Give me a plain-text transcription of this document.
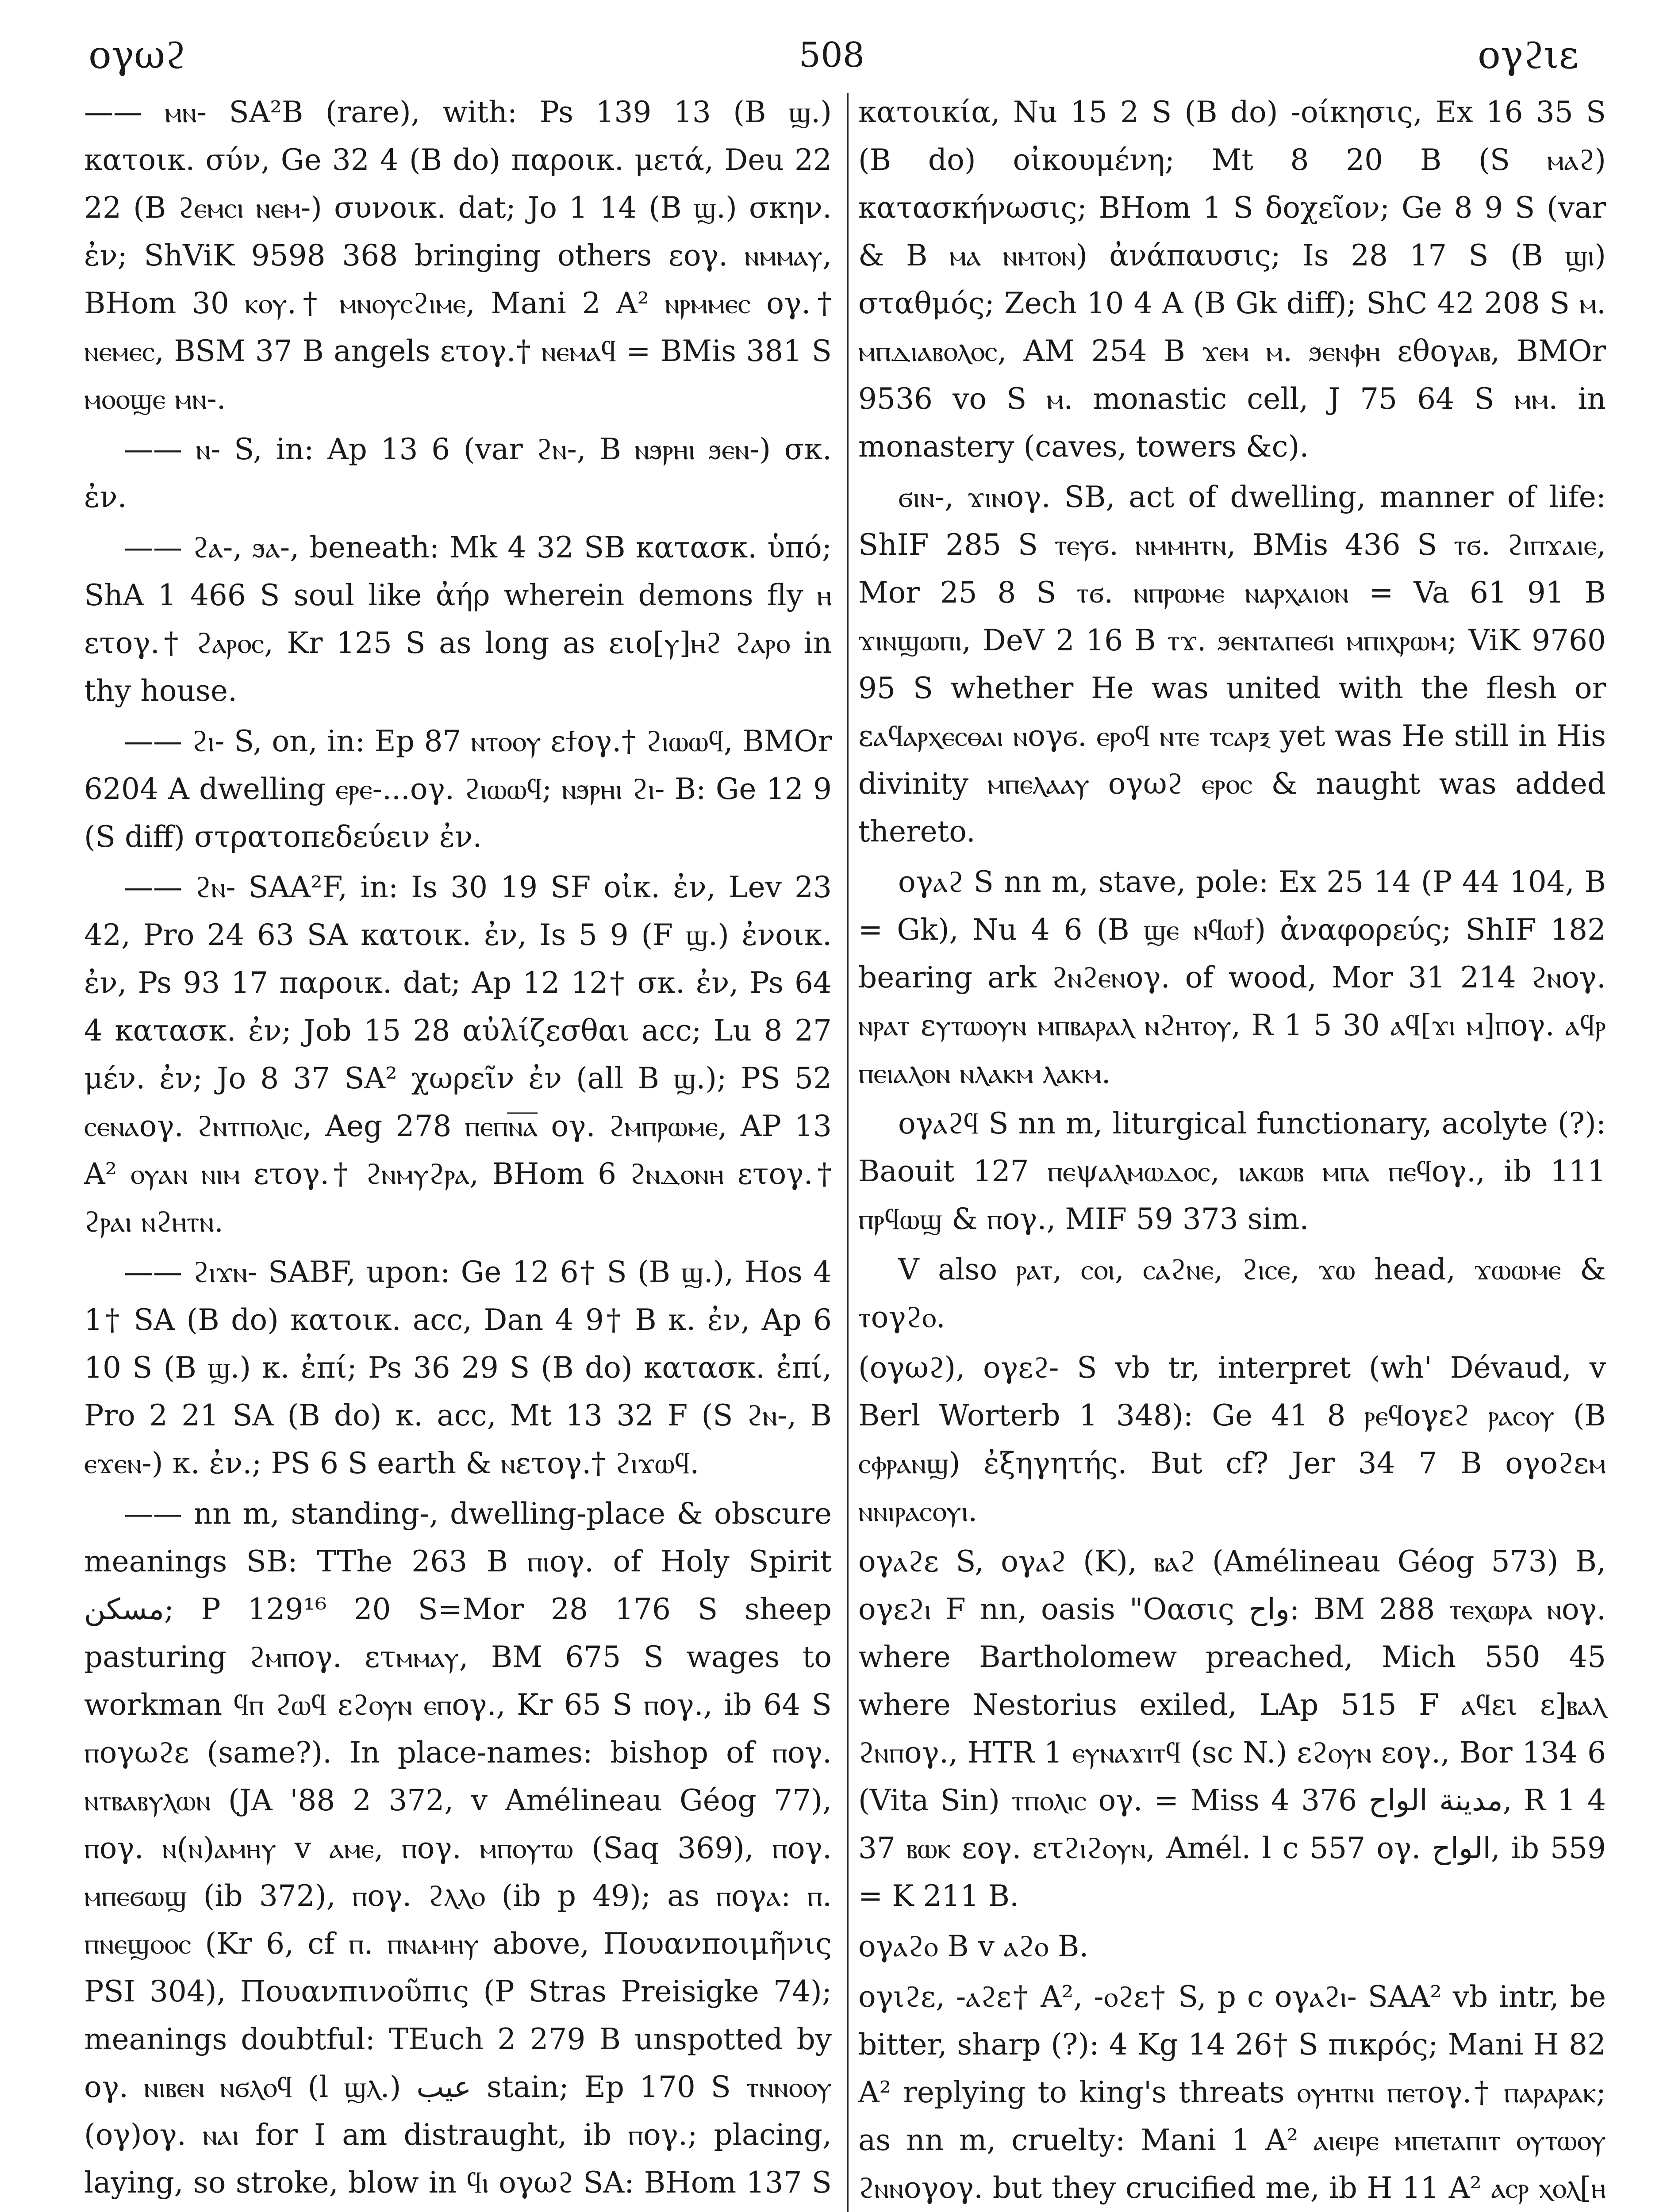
ογωϩ	508	ογϩιε

—— ⲙⲛ- SA²B (rare), with: Ps 139 13 (B ϣ.) κατοικ. σύν, Ge 32 4 (B do) παροικ. μετά, Deu 22 22 (B ϩⲉⲙⲥⲓ ⲛⲉⲙ-) συνοικ. dat; Jo 1 14 (B ϣ.) σκην. ἐν; ShViK 9598 368 bringing others εογ. ⲛⲙⲙⲁⲩ, BHom 30 ⲕⲟⲩ.† ⲙⲛⲟⲩⲥϩⲓⲙⲉ, Mani 2 A² ⲛⲣⲙⲙⲉⲥ ογ.† ⲛⲉⲙⲉⲥ, BSM 37 B angels ετογ.† ⲛⲉⲙⲁϥ = BMis 381 S ⲙⲟⲟϣⲉ ⲙⲛ-.

—— ⲛ- S, in: Ap 13 6 (var ϩⲛ-, B ⲛϧⲣⲏⲓ ϧⲉⲛ-) σκ. ἐν.

—— ϩⲁ-, ϧⲁ-, beneath: Mk 4 32 SB κατασκ. ὑπό; ShA 1 466 S soul like ἀήρ wherein demons fly ⲏ ετογ.† ϩⲁⲣⲟⲥ, Kr 125 S as long as ειο[ⲩ]ⲏϩ ϩⲁⲣⲟ in thy house.

—— ϩⲓ- S, on, in: Ep 87 ⲛⲧⲟⲟⲩ εϯογ.† ϩⲓⲱⲱϥ, BMOr 6204 A dwelling ⲉⲣⲉ-...ογ. ϩⲓⲱⲱϥ; ⲛϧⲣⲏⲓ ϩⲓ- B: Ge 12 9 (S diff) στρατοπεδεύειν ἐν.

—— ϩⲛ- SAA²F, in: Is 30 19 SF οἰκ. ἐν, Lev 23 42, Pro 24 63 SA κατοικ. ἐν, Is 5 9 (F ϣ.) ἐνοικ. ἐν, Ps 93 17 παροικ. dat; Ap 12 12† σκ. ἐν, Ps 64 4 κατασκ. ἐν; Job 15 28 αὐλίζεσθαι acc; Lu 8 27 μέν. ἐν; Jo 8 37 SA² χωρεῖν ἐν (all B ϣ.); PS 52 ⲥⲉⲛⲁογ. ϩⲛⲧⲡⲟⲗⲓⲥ, Aeg 278 ⲡⲉⲡⲛ̅ⲁ̅ ογ. ϩⲙⲡⲣⲱⲙⲉ, AP 13 A² ⲟⲩⲁⲛ ⲛⲓⲙ ετογ.† ϩⲛⲙⲩϩⲣⲁ, BHom 6 ϩⲛⲇⲟⲛⲏ ετογ.† ϩⲣⲁⲓ ⲛϩⲏⲧⲛ.

—— ϩⲓϫⲛ- SABF, upon: Ge 12 6† S (B ϣ.), Hos 4 1† SA (B do) κατοικ. acc, Dan 4 9† B κ. ἐν, Ap 6 10 S (B ϣ.) κ. ἐπί; Ps 36 29 S (B do) κατασκ. ἐπί, Pro 2 21 SA (B do) κ. acc, Mt 13 32 F (S ϩⲛ-, B ⲉϫⲉⲛ-) κ. ἐν.; PS 6 S earth & ⲛετογ.† ϩⲓϫⲱϥ.

—— nn m, standing-, dwelling-place & obscure meanings SB: TThe 263 B ⲡⲓογ. of Holy Spirit مسكن; P 129¹⁶ 20 S=Mor 28 176 S sheep pasturing ϩⲙⲡογ. ετⲙⲙⲁⲩ, BM 675 S wages to workman ϥⲡ ϩⲱϥ εϩⲟⲩⲛ ⲉⲡογ., Kr 65 S ⲡογ., ib 64 S ⲡογωϩε (same?). In place-names: bishop of ⲡογ. ⲛⲧⲃⲁⲃⲩⲗⲱⲛ (JA '88 2 372, v Amélineau Géog 77), ⲡογ. ⲛ(ⲛ)ⲁⲙⲏⲩ v ⲁⲙⲉ, ⲡογ. ⲙⲡⲟⲩⲧⲱ (Saq 369), ⲡογ. ⲙⲡⲉϭⲱϣ (ib 372), ⲡογ. ϩⲗⲗⲟ (ib p 49); as ⲡογⲁ: ⲡ. ⲡⲛⲉϣⲟⲟⲥ (Kr 6, cf ⲡ. ⲡⲛⲁⲙⲏⲩ above, Πουανποιμῆνις PSI 304), Πουανπινοῦπις (P Stras Preisigke 74); meanings doubtful: TEuch 2 279 B unspotted by ογ. ⲛⲓⲃⲉⲛ ⲛϭⲗⲟϥ (l ϣⲗ.) عيب stain; Ep 170 S ⲧⲛⲛⲟⲟⲩ (ογ)ογ. ⲛⲁⲓ for I am distraught, ib ⲡογ.; placing, laying, so stroke, blow in ϥⲓ ογωϩ SA: BHom 137 S

κατοικία, Nu 15 2 S (B do) -οίκησις, Ex 16 35 S (B do) οἰκουμένη; Mt 8 20 B (S ⲙⲁϩ) κατασκήνωσις; BHom 1 S δοχεῖον; Ge 8 9 S (var & B ⲙⲁ ⲛⲙⲧⲟⲛ) ἀνάπαυσις; Is 28 17 S (B ϣⲓ) σταθμός; Zech 10 4 A (B Gk diff); ShC 42 208 S ⲙ. ⲙⲡⲇⲓⲁⲃⲟⲗⲟⲥ, AM 254 B ϫⲉⲙ ⲙ. ϧⲉⲛⲫⲏ εθογⲁⲃ, BMOr 9536 vo S ⲙ. monastic cell, J 75 64 S ⲙⲙ. in monastery (caves, towers &c).

ϭⲓⲛ-, ϫⲓⲛογ. SB, act of dwelling, manner of life: ShIF 285 S ⲧⲉⲩϭ. ⲛⲙⲙⲏⲧⲛ, BMis 436 S ⲧϭ. ϩⲓⲡϫⲁⲓⲉ, Mor 25 8 S ⲧϭ. ⲛⲡⲣⲱⲙⲉ ⲛⲁⲣⲭⲁⲓⲟⲛ = Va 61 91 B ϫⲓⲛϣⲱⲡⲓ, DeV 2 16 B ⲧϫ. ϧⲉⲛⲧⲁⲡⲉϭⲓ ⲙⲡⲓⲭⲣⲱⲙ; ViK 9760 95 S whether He was united with the flesh or εⲁϥⲁⲣⲭⲉⲥⲑⲁⲓ ⲛογϭ. ⲉⲣⲟϥ ⲛⲧⲉ ⲧⲥⲁⲣⲝ yet was He still in His divinity ⲙⲡⲉⲗⲁⲁⲩ ογωϩ ⲉⲣⲟⲥ & naught was added thereto.

ογⲁϩ S nn m, stave, pole: Ex 25 14 (P 44 104, B = Gk), Nu 4 6 (B ϣⲉ ⲛϥⲱϯ) ἀναφορεύς; ShIF 182 bearing ark ϩⲛϩⲉⲛογ. of wood, Mor 31 214 ϩⲛογ. ⲛⲣⲁⲧ εⲩⲧⲱⲟⲩⲛ ⲙⲡⲃⲁⲣⲁⲗ ⲛϩⲏⲧⲟⲩ, R 1 5 30 ⲁϥ[ϫⲓ ⲙ]ⲡογ. ⲁϥⲣ ⲡⲉⲓⲁⲗⲟⲛ ⲛⲗⲁⲕⲙ ⲗⲁⲕⲙ.

ογⲁϩϥ S nn m, liturgical functionary, acolyte (?): Baouit 127 ⲡⲉψⲁⲗⲙⲱⲇⲟⲥ, ⲓⲁⲕⲱⲃ ⲙⲡⲁ ⲡⲉϥογ., ib 111 ⲡⲣϥⲱϣ & ⲡογ., MIF 59 373 sim.

V also ⲣⲁⲧ, ⲥⲟⲓ, ⲥⲁϩⲛⲉ, ϩⲓⲥⲉ, ϫⲱ head, ϫⲱⲱⲙⲉ & ⲧογϩⲟ.

(ογωϩ), ογεϩ- S vb tr, interpret (wh' Dévaud, v Berl Worterb 1 348): Ge 41 8 ⲣⲉϥογεϩ ⲣⲁⲥⲟⲩ (B ⲥⲫⲣⲁⲛϣ) ἐξηγητής. But cf? Jer 34 7 B ογοϩεⲙ ⲛⲛⲓⲣⲁⲥⲟⲩⲓ.

ογⲁϩε S, ογⲁϩ (K), ⲃⲁϩ (Amélineau Géog 573) B, ογεϩⲓ F nn, oasis "Οασις واح: BM 288 ⲧⲉⲭⲱⲣⲁ ⲛογ. where Bartholomew preached, Mich 550 45 where Nestorius exiled, LAp 515 F ⲁϥει ε]ⲃⲁⲗ ϩⲛⲡογ., HTR 1 ⲉⲩⲛⲁϫⲓⲧϥ (sc N.) εϩⲟⲩⲛ εογ., Bor 134 6 (Vita Sin) ⲧⲡⲟⲗⲓⲥ ογ. = Miss 4 376 مدينة الواح, R 1 4 37 ⲃⲱⲕ εογ. ετϩⲓϩⲟⲩⲛ, Amél. l c 557 ογ. الواح, ib 559 = K 211 B.

ογⲁϩⲟ B v ⲁϩⲟ B.

ογιϩε, -ⲁϩε† A², -ⲟϩε† S, p c ογⲁϩⲓ- SAA² vb intr, be bitter, sharp (?): 4 Kg 14 26† S πικρός; Mani H 82 A² replying to king's threats ⲟⲩⲏⲧⲛⲓ ⲡⲉⲧογ.† ⲡⲁⲣⲁⲣⲁⲕ; as nn m, cruelty: Mani 1 A² ⲁⲓⲉⲓⲣⲉ ⲙⲡⲉⲧⲁⲡⲓⲧ ⲟⲩⲧⲱⲟⲩ ϩⲛⲛογογ. but they crucified me, ib H 11 A² ⲁⲥⲣ ⲭⲟⲗ[ⲏ
